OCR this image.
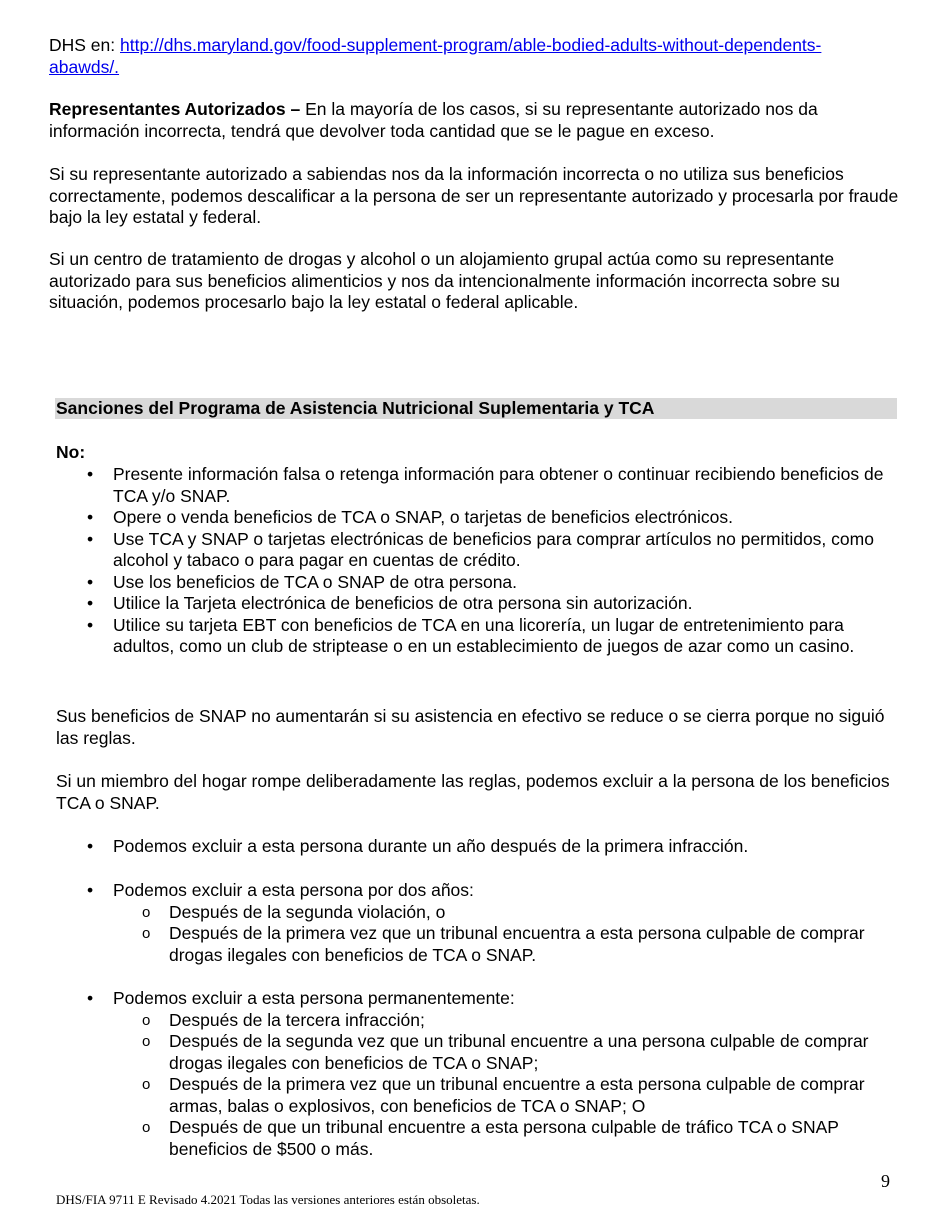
DHS en: http://dhs.maryland.gov/food-supplement-program/able-bodied-adults-without-dependents-
abawds/.

Representantes Autorizados – En la mayoría de los casos, si su representante autorizado nos da información incorrecta, tendrá que devolver toda cantidad que se le pague en exceso.

Si su representante autorizado a sabiendas nos da la información incorrecta o no utiliza sus beneficios correctamente, podemos descalificar a la persona de ser un representante autorizado y procesarla por fraude bajo la ley estatal y federal.

Si un centro de tratamiento de drogas y alcohol o un alojamiento grupal actúa como su representante autorizado para sus beneficios alimenticios y nos da intencionalmente información incorrecta sobre su situación, podemos procesarlo bajo la ley estatal o federal aplicable.

Sanciones del Programa de Asistencia Nutricional Suplementaria y TCA
No:
• Presente información falsa o retenga información para obtener o continuar recibiendo beneficios de TCA y/o SNAP.
• Opere o venda beneficios de TCA o SNAP, o tarjetas de beneficios electrónicos.
• Use TCA y SNAP o tarjetas electrónicas de beneficios para comprar artículos no permitidos, como alcohol y tabaco o para pagar en cuentas de crédito.
• Use los beneficios de TCA o SNAP de otra persona.
• Utilice la Tarjeta electrónica de beneficios de otra persona sin autorización.
• Utilice su tarjeta EBT con beneficios de TCA en una licorería, un lugar de entretenimiento para adultos, como un club de striptease o en un establecimiento de juegos de azar como un casino.

Sus beneficios de SNAP no aumentarán si su asistencia en efectivo se reduce o se cierra porque no siguió las reglas.

Si un miembro del hogar rompe deliberadamente las reglas, podemos excluir a la persona de los beneficios TCA o SNAP.

• Podemos excluir a esta persona durante un año después de la primera infracción.
• Podemos excluir a esta persona por dos años:
o Después de la segunda violación, o
o Después de la primera vez que un tribunal encuentra a esta persona culpable de comprar drogas ilegales con beneficios de TCA o SNAP.
• Podemos excluir a esta persona permanentemente:
o Después de la tercera infracción;
o Después de la segunda vez que un tribunal encuentre a una persona culpable de comprar drogas ilegales con beneficios de TCA o SNAP;
o Después de la primera vez que un tribunal encuentre a esta persona culpable de comprar armas, balas o explosivos, con beneficios de TCA o SNAP; O
o Después de que un tribunal encuentre a esta persona culpable de tráfico TCA o SNAP beneficios de $500 o más.
9
DHS/FIA 9711 E Revisado 4.2021 Todas las versiones anteriores están obsoletas.
